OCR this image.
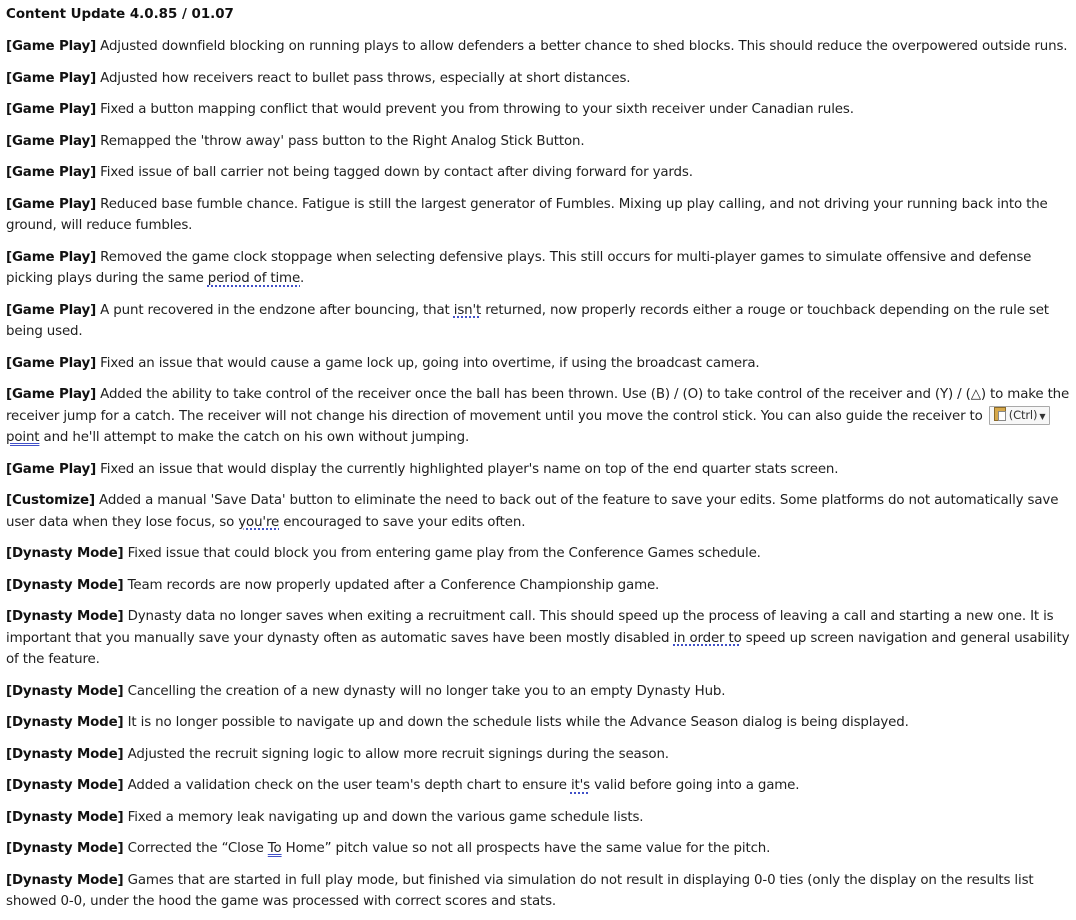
Content Update 4.0.85 / 01.07

[Game Play] Adjusted downfield blocking on running plays to allow defenders a better chance to shed blocks. This should reduce the overpowered outside runs.

[Game Play] Adjusted how receivers react to bullet pass throws, especially at short distances.

[Game Play] Fixed a button mapping conflict that would prevent you from throwing to your sixth receiver under Canadian rules.

[Game Play] Remapped the 'throw away' pass button to the Right Analog Stick Button.

[Game Play] Fixed issue of ball carrier not being tagged down by contact after diving forward for yards.

[Game Play] Reduced base fumble chance. Fatigue is still the largest generator of Fumbles. Mixing up play calling, and not driving your running back into the ground, will reduce fumbles.

[Game Play] Removed the game clock stoppage when selecting defensive plays. This still occurs for multi-player games to simulate offensive and defense picking plays during the same period of time.

[Game Play] A punt recovered in the endzone after bouncing, that isn't returned, now properly records either a rouge or touchback depending on the rule set being used.

[Game Play] Fixed an issue that would cause a game lock up, going into overtime, if using the broadcast camera.

[Game Play] Added the ability to take control of the receiver once the ball has been thrown. Use (B) / (O) to take control of the receiver and (Y) / (△) to make the receiver jump for a catch. The receiver will not change his direction of movement until you move the control stick. You can also guide the receiver to (Ctrl) ▼
point and he'll attempt to make the catch on his own without jumping.

[Game Play] Fixed an issue that would display the currently highlighted player's name on top of the end quarter stats screen.

[Customize] Added a manual 'Save Data' button to eliminate the need to back out of the feature to save your edits. Some platforms do not automatically save user data when they lose focus, so you're encouraged to save your edits often.

[Dynasty Mode] Fixed issue that could block you from entering game play from the Conference Games schedule.

[Dynasty Mode] Team records are now properly updated after a Conference Championship game.

[Dynasty Mode] Dynasty data no longer saves when exiting a recruitment call. This should speed up the process of leaving a call and starting a new one. It is important that you manually save your dynasty often as automatic saves have been mostly disabled in order to speed up screen navigation and general usability of the feature.

[Dynasty Mode] Cancelling the creation of a new dynasty will no longer take you to an empty Dynasty Hub.

[Dynasty Mode] It is no longer possible to navigate up and down the schedule lists while the Advance Season dialog is being displayed.

[Dynasty Mode] Adjusted the recruit signing logic to allow more recruit signings during the season.

[Dynasty Mode] Added a validation check on the user team's depth chart to ensure it's valid before going into a game.

[Dynasty Mode] Fixed a memory leak navigating up and down the various game schedule lists.

[Dynasty Mode] Corrected the “Close To Home” pitch value so not all prospects have the same value for the pitch.

[Dynasty Mode] Games that are started in full play mode, but finished via simulation do not result in displaying 0-0 ties (only the display on the results list showed 0-0, under the hood the game was processed with correct scores and stats.
